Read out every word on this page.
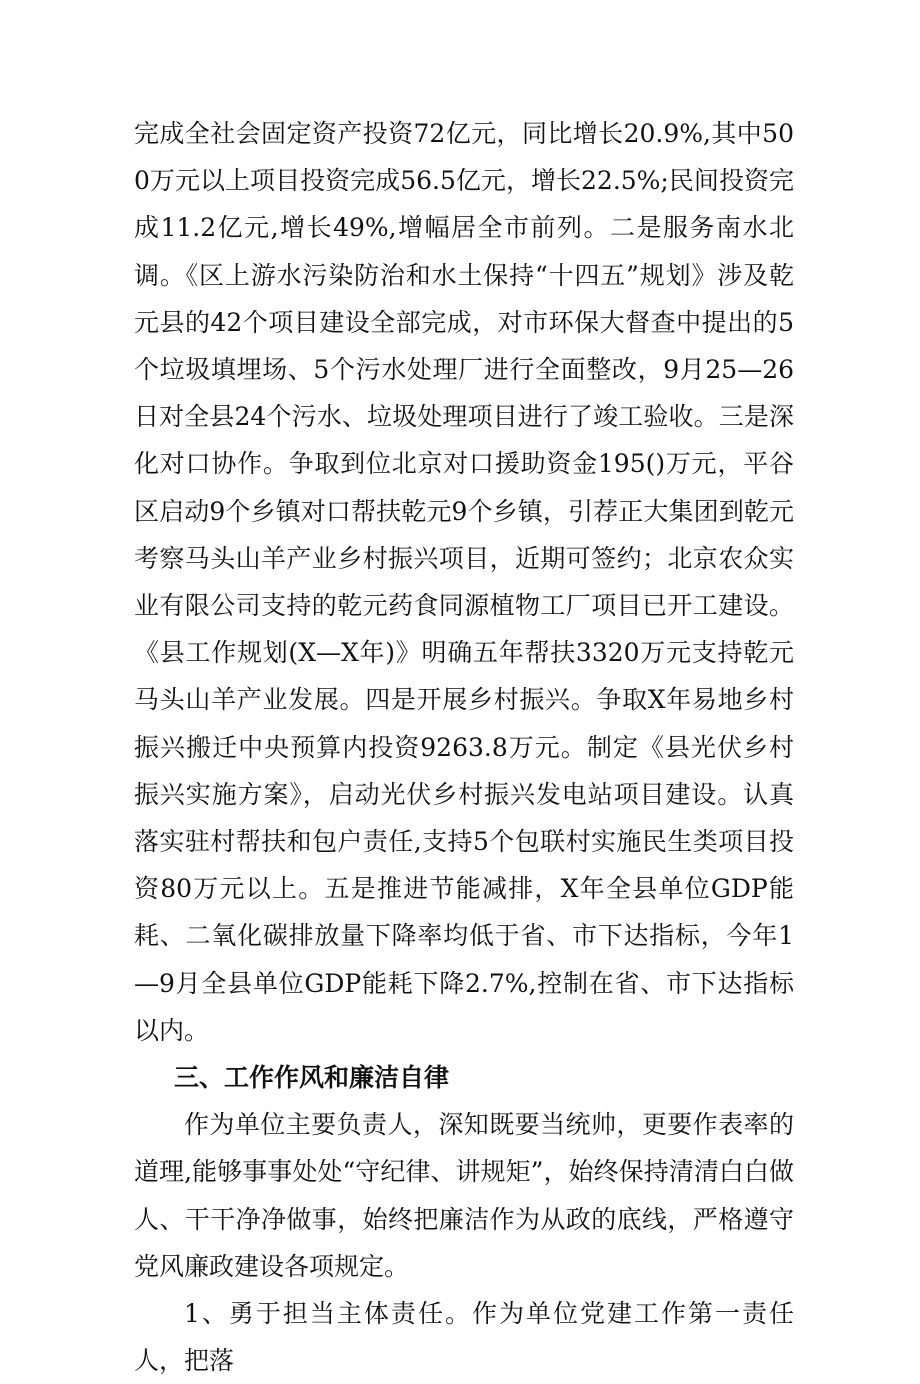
完成全社会固定资产投资72亿元，同比增长20.9%,其中500万元以上项目投资完成56.5亿元，增长22.5%;民间投资完成11.2亿元,增长49%,增幅居全市前列。二是服务南水北调。《区上游水污染防治和水土保持“十四五”规划》涉及乾元县的42个项目建设全部完成，对市环保大督查中提出的5个垃圾填埋场、5个污水处理厂进行全面整改，9月25—26日对全县24个污水、垃圾处理项目进行了竣工验收。三是深化对口协作。争取到位北京对口援助资金195()万元，平谷区启动9个乡镇对口帮扶乾元9个乡镇，引荐正大集团到乾元考察马头山羊产业乡村振兴项目，近期可签约；北京农众实业有限公司支持的乾元药食同源植物工厂项目已开工建设。《县工作规划(X—X年)》明确五年帮扶3320万元支持乾元马头山羊产业发展。四是开展乡村振兴。争取X年易地乡村振兴搬迁中央预算内投资9263.8万元。制定《县光伏乡村振兴实施方案》，启动光伏乡村振兴发电站项目建设。认真落实驻村帮扶和包户责任,支持5个包联村实施民生类项目投资80万元以上。五是推进节能减排，X年全县单位GDP能耗、二氧化碳排放量下降率均低于省、市下达指标，今年1—9月全县单位GDP能耗下降2.7%,控制在省、市下达指标以内。

三、工作作风和廉洁自律

作为单位主要负责人，深知既要当统帅，更要作表率的道理,能够事事处处“守纪律、讲规矩”，始终保持清清白白做人、干干净净做事，始终把廉洁作为从政的底线，严格遵守党风廉政建设各项规定。

1、勇于担当主体责任。作为单位党建工作第一责任人，把落
